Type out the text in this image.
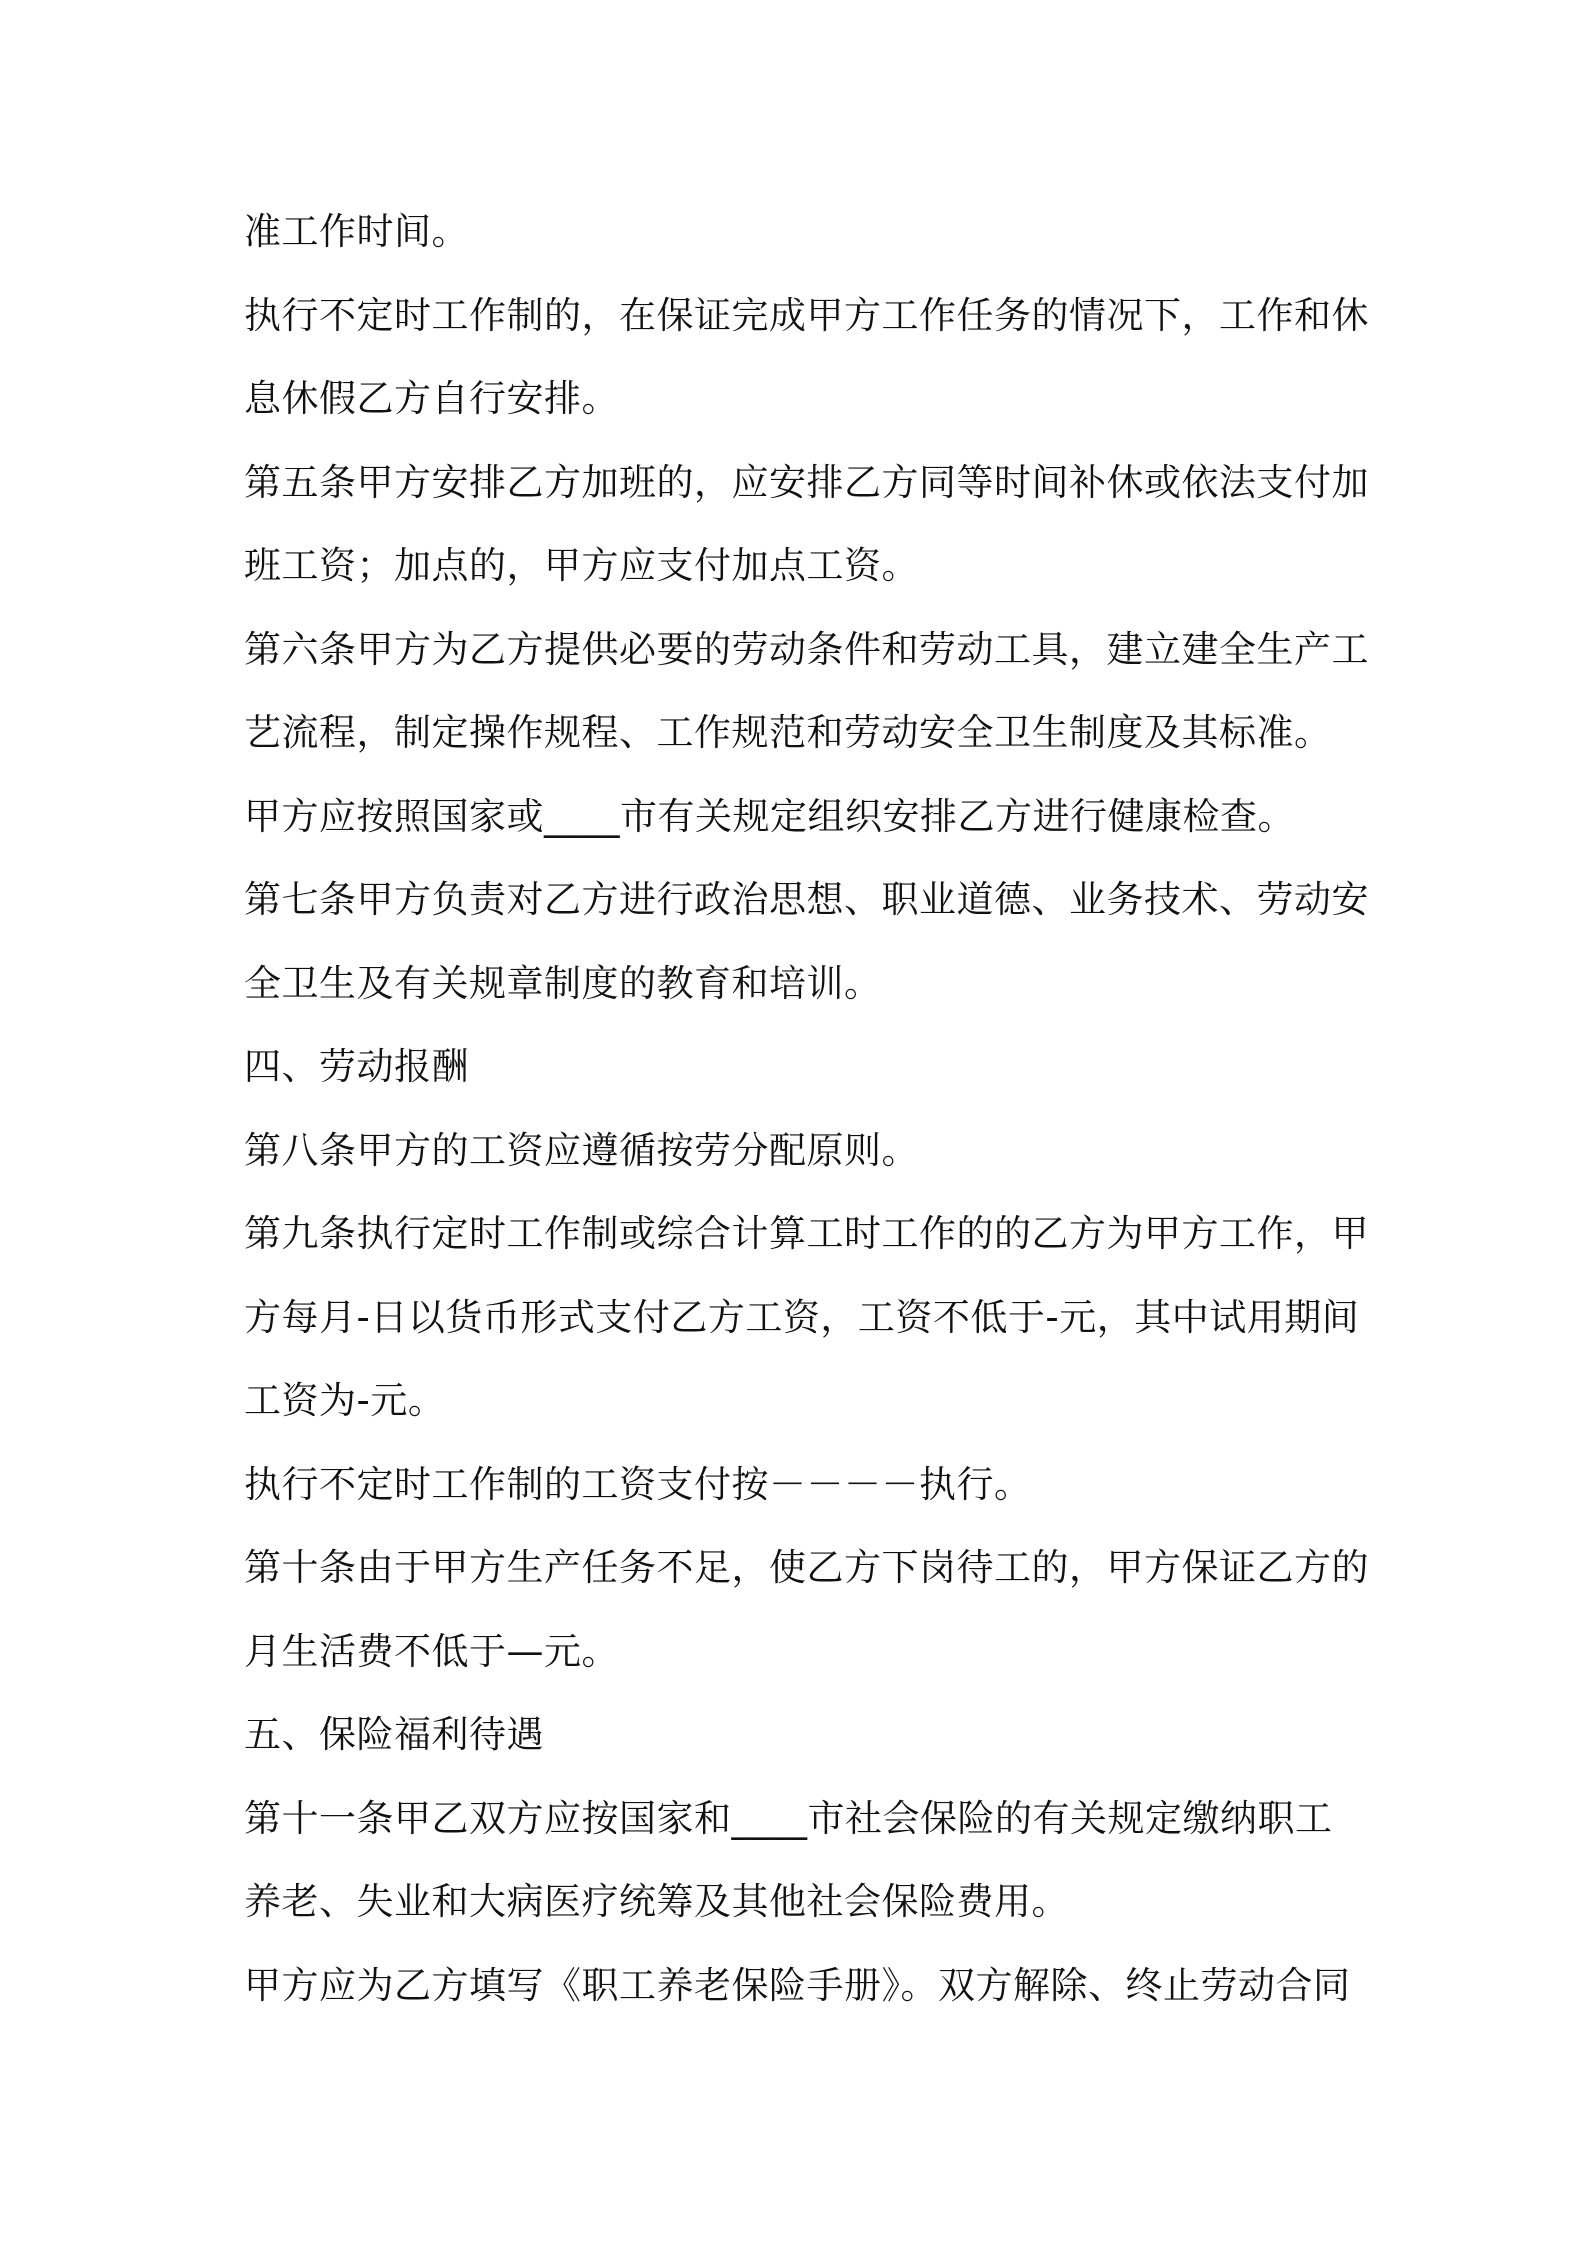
准工作时间。
执行不定时工作制的，在保证完成甲方工作任务的情况下，工作和休
息休假乙方自行安排。
第五条甲方安排乙方加班的，应安排乙方同等时间补休或依法支付加
班工资；加点的，甲方应支付加点工资。
第六条甲方为乙方提供必要的劳动条件和劳动工具，建立建全生产工
艺流程，制定操作规程、工作规范和劳动安全卫生制度及其标准。
甲方应按照国家或____市有关规定组织安排乙方进行健康检查。
第七条甲方负责对乙方进行政治思想、职业道德、业务技术、劳动安
全卫生及有关规章制度的教育和培训。
四、劳动报酬
第八条甲方的工资应遵循按劳分配原则。
第九条执行定时工作制或综合计算工时工作的的乙方为甲方工作，甲
方每月-日以货币形式支付乙方工资，工资不低于-元，其中试用期间
工资为-元。
执行不定时工作制的工资支付按－－－－执行。
第十条由于甲方生产任务不足，使乙方下岗待工的，甲方保证乙方的
月生活费不低于—元。
五、保险福利待遇
第十一条甲乙双方应按国家和____市社会保险的有关规定缴纳职工
养老、失业和大病医疗统筹及其他社会保险费用。
甲方应为乙方填写《职工养老保险手册》。双方解除、终止劳动合同
